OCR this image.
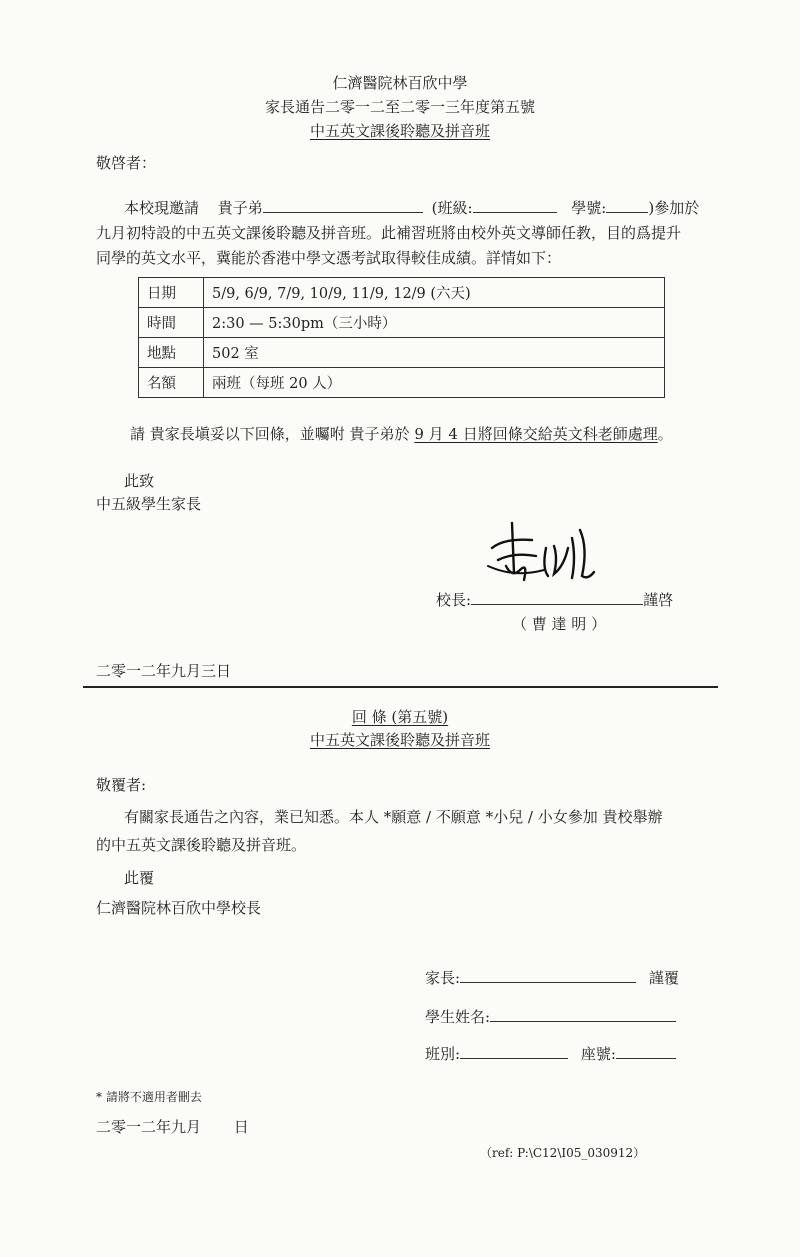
仁濟醫院林百欣中學
家長通告二零一二至二零一三年度第五號
中五英文課後聆聽及拼音班
敬啓者：
本校現邀請 貴子弟	(班級:	學號:	)參加於
九月初特設的中五英文課後聆聽及拼音班。此補習班將由校外英文導師任教，目的爲提升
同學的英文水平，冀能於香港中學文憑考試取得較佳成績。詳情如下：
日期	5/9, 6/9, 7/9, 10/9, 11/9, 12/9 (六天)
時間	2:30 — 5:30pm（三小時）
地點	502 室
名額	兩班（每班 20 人）
請 貴家長塡妥以下回條，並囑咐 貴子弟於 9 月 4 日將回條交給英文科老師處理。
此致
中五級學生家長
校長:	謹啓
（ 曹 達 明 ）
二零一二年九月三日
回 條 (第五號)
中五英文課後聆聽及拼音班
敬覆者:
有關家長通告之內容，業已知悉。本人 *願意 / 不願意 *小兒 / 小女參加 貴校舉辦
的中五英文課後聆聽及拼音班。
此覆
仁濟醫院林百欣中學校長
家長:	謹覆
學生姓名:
班別:	座號:
* 請將不適用者刪去
二零一二年九月 日
（ref: P:\C12\I05_030912）
